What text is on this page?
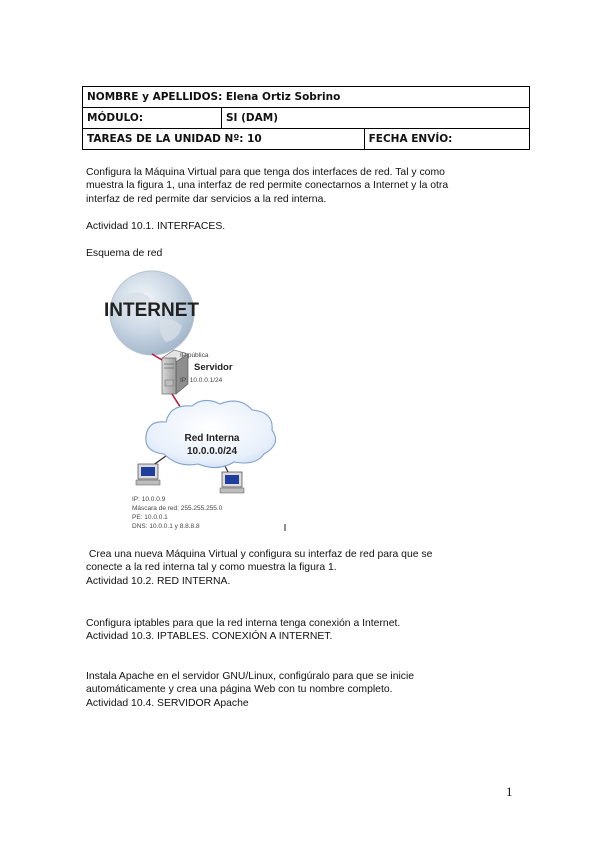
NOMBRE y APELLIDOS: Elena Ortiz Sobrino		
MÓDULO:	SI (DAM)	
TAREAS DE LA UNIDAD Nº: 10		FECHA ENVÍO:

Configura la Máquina Virtual para que tenga dos interfaces de red. Tal y como
muestra la figura 1, una interfaz de red permite conectarnos a Internet y la otra
interfaz de red permite dar servicios a la red interna.

Actividad 10.1. INTERFACES.

Esquema de red

INTERNET
IP pública
Servidor
IP: 10.0.0.1/24
Red Interna
10.0.0.0/24
IP: 10.0.0.9
Máscara de red: 255.255.255.0
PE: 10.0.0.1
DNS: 10.0.0.1 y 8.8.8.8

Crea una nueva Máquina Virtual y configura su interfaz de red para que se
conecte a la red interna tal y como muestra la figura 1.
Actividad 10.2. RED INTERNA.

Configura iptables para que la red interna tenga conexión a Internet.
Actividad 10.3. IPTABLES. CONEXIÓN A INTERNET.

Instala Apache en el servidor GNU/Linux, configúralo para que se inicie
automáticamente y crea una página Web con tu nombre completo.
Actividad 10.4. SERVIDOR Apache

1
